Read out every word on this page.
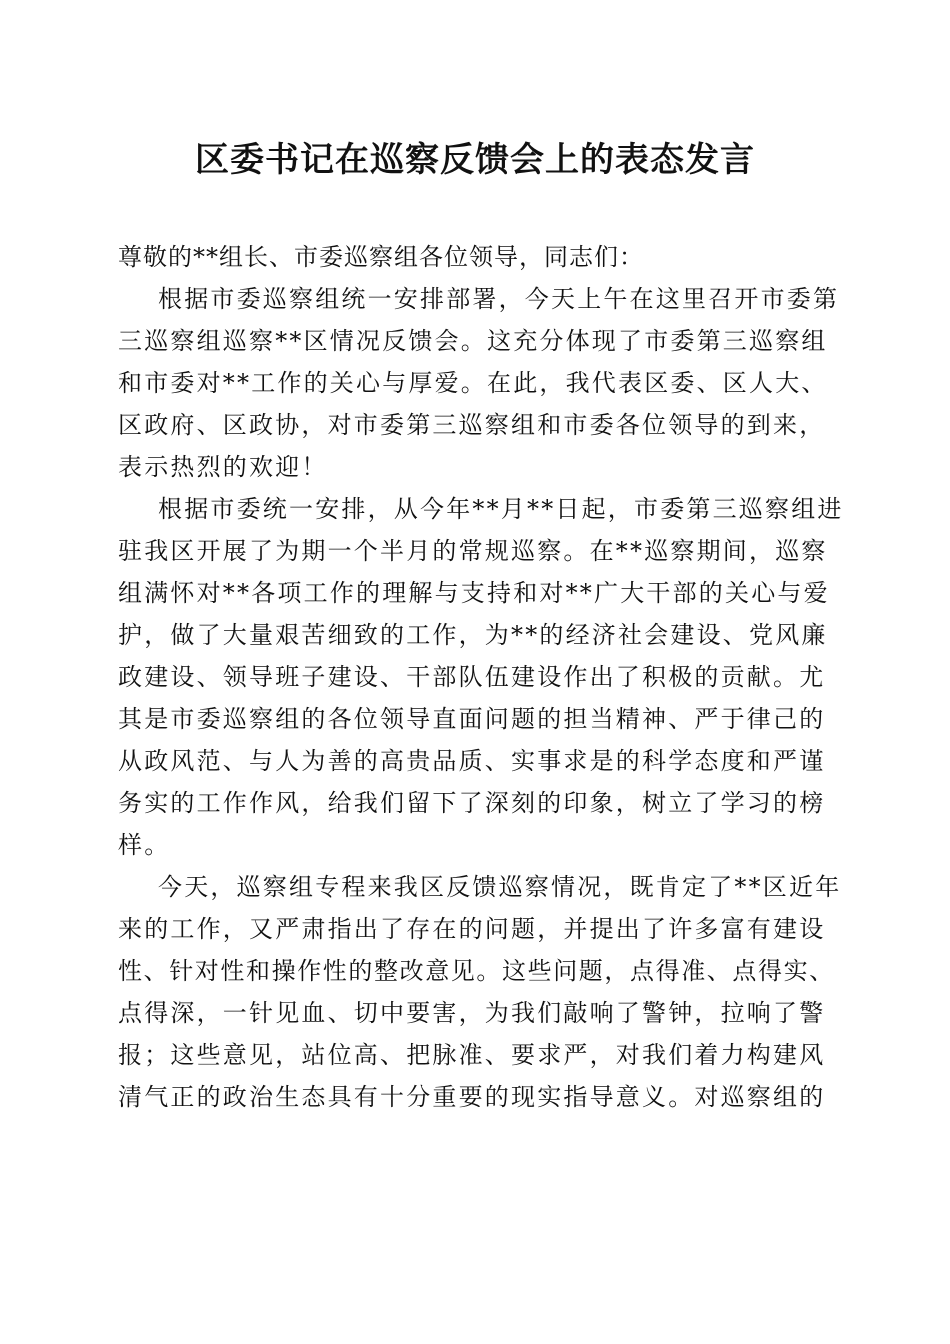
区委书记在巡察反馈会上的表态发言

尊敬的**组长、市委巡察组各位领导，同志们：

根据市委巡察组统一安排部署，今天上午在这里召开市委第
三巡察组巡察**区情况反馈会。这充分体现了市委第三巡察组
和市委对**工作的关心与厚爱。在此，我代表区委、区人大、
区政府、区政协，对市委第三巡察组和市委各位领导的到来，
表示热烈的欢迎！

根据市委统一安排，从今年**月**日起，市委第三巡察组进
驻我区开展了为期一个半月的常规巡察。在**巡察期间，巡察
组满怀对**各项工作的理解与支持和对**广大干部的关心与爱
护，做了大量艰苦细致的工作，为**的经济社会建设、党风廉
政建设、领导班子建设、干部队伍建设作出了积极的贡献。尤
其是市委巡察组的各位领导直面问题的担当精神、严于律己的
从政风范、与人为善的高贵品质、实事求是的科学态度和严谨
务实的工作作风，给我们留下了深刻的印象，树立了学习的榜
样。

今天，巡察组专程来我区反馈巡察情况，既肯定了**区近年
来的工作，又严肃指出了存在的问题，并提出了许多富有建设
性、针对性和操作性的整改意见。这些问题，点得准、点得实、
点得深，一针见血、切中要害，为我们敲响了警钟，拉响了警
报；这些意见，站位高、把脉准、要求严，对我们着力构建风
清气正的政治生态具有十分重要的现实指导意义。对巡察组的
